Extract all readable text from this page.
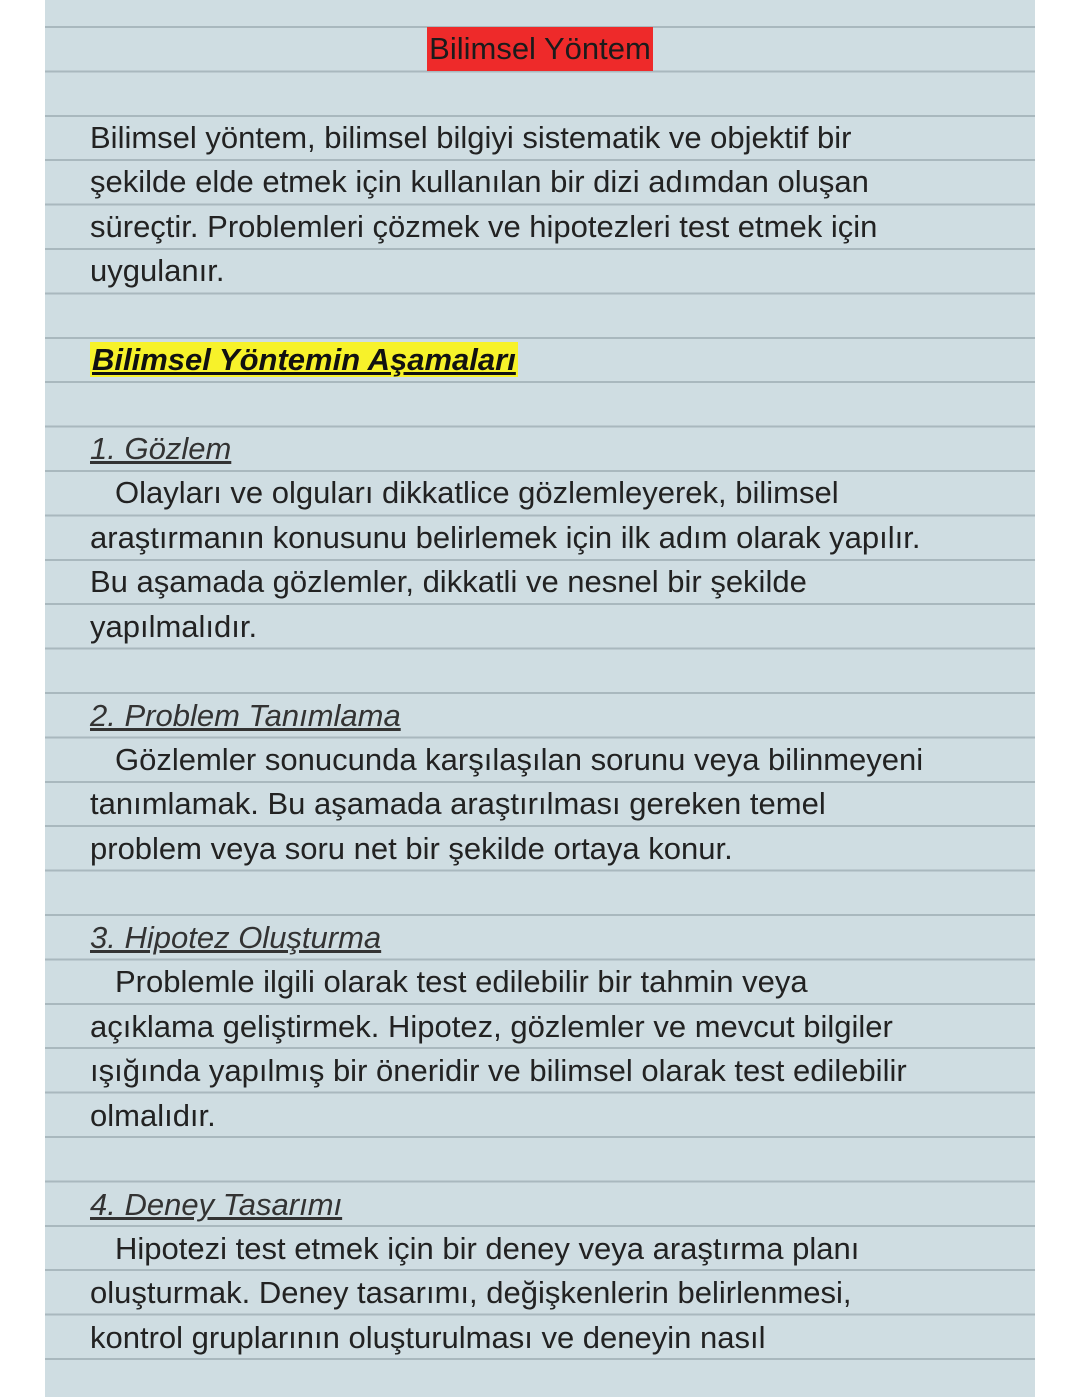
Bilimsel Yöntem
Bilimsel yöntem, bilimsel bilgiyi sistematik ve objektif bir
şekilde elde etmek için kullanılan bir dizi adımdan oluşan
süreçtir. Problemleri çözmek ve hipotezleri test etmek için
uygulanır.
Bilimsel Yöntemin Aşamaları
1. Gözlem
Olayları ve olguları dikkatlice gözlemleyerek, bilimsel
araştırmanın konusunu belirlemek için ilk adım olarak yapılır.
Bu aşamada gözlemler, dikkatli ve nesnel bir şekilde
yapılmalıdır.
2. Problem Tanımlama
Gözlemler sonucunda karşılaşılan sorunu veya bilinmeyeni
tanımlamak. Bu aşamada araştırılması gereken temel
problem veya soru net bir şekilde ortaya konur.
3. Hipotez Oluşturma
Problemle ilgili olarak test edilebilir bir tahmin veya
açıklama geliştirmek. Hipotez, gözlemler ve mevcut bilgiler
ışığında yapılmış bir öneridir ve bilimsel olarak test edilebilir
olmalıdır.
4. Deney Tasarımı
Hipotezi test etmek için bir deney veya araştırma planı
oluşturmak. Deney tasarımı, değişkenlerin belirlenmesi,
kontrol gruplarının oluşturulması ve deneyin nasıl
